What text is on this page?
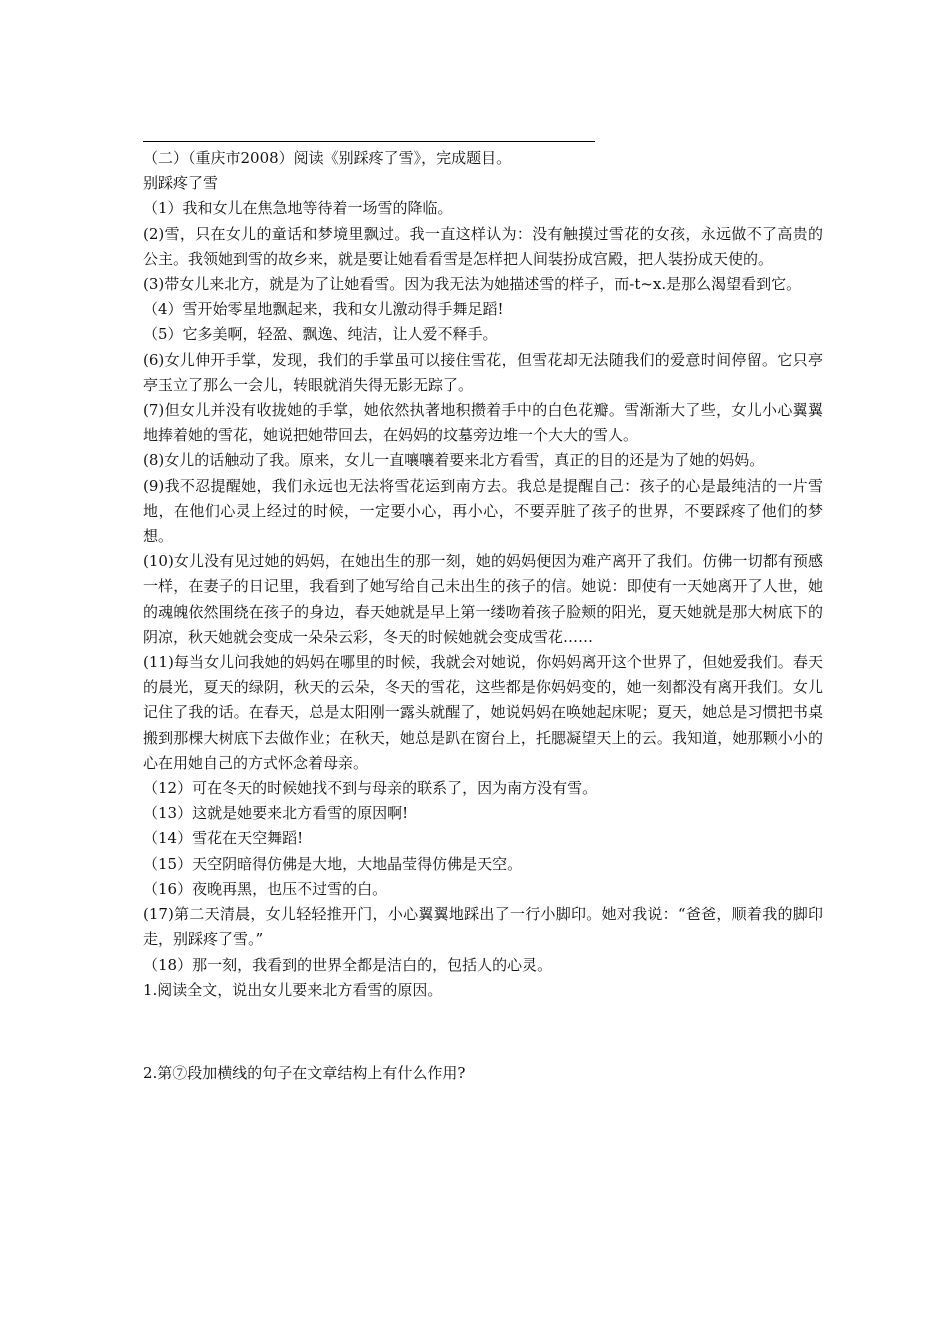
（二）（重庆市2008）阅读《别踩疼了雪》，完成题目。

别踩疼了雪

（1）我和女儿在焦急地等待着一场雪的降临。

(2)雪，只在女儿的童话和梦境里飘过。我一直这样认为：没有触摸过雪花的女孩，永远做不了高贵的公主。我领她到雪的故乡来，就是要让她看看雪是怎样把人间装扮成宫殿，把人装扮成天使的。

(3)带女儿来北方，就是为了让她看雪。因为我无法为她描述雪的样子，而-t~x.是那么渴望看到它。

（4）雪开始零星地飘起来，我和女儿激动得手舞足蹈!

（5）它多美啊，轻盈、飘逸、纯洁，让人爱不释手。

(6)女儿伸开手掌，发现，我们的手掌虽可以接住雪花，但雪花却无法随我们的爱意时间停留。它只亭亭玉立了那么一会儿，转眼就消失得无影无踪了。

(7)但女儿并没有收拢她的手掌，她依然执著地积攒着手中的白色花瓣。雪渐渐大了些，女儿小心翼翼地捧着她的雪花，她说把她带回去，在妈妈的坟墓旁边堆一个大大的雪人。

(8)女儿的话触动了我。原来，女儿一直嚷嚷着要来北方看雪，真正的目的还是为了她的妈妈。

(9)我不忍提醒她，我们永远也无法将雪花运到南方去。我总是提醒自己：孩子的心是最纯洁的一片雪地，在他们心灵上经过的时候，一定要小心，再小心，不要弄脏了孩子的世界，不要踩疼了他们的梦想。

(10)女儿没有见过她的妈妈，在她出生的那一刻，她的妈妈便因为难产离开了我们。仿佛一切都有预感一样，在妻子的日记里，我看到了她写给自己未出生的孩子的信。她说：即使有一天她离开了人世，她的魂魄依然围绕在孩子的身边，春天她就是早上第一缕吻着孩子脸颊的阳光，夏天她就是那大树底下的阴凉，秋天她就会变成一朵朵云彩，冬天的时候她就会变成雪花……

(11)每当女儿问我她的妈妈在哪里的时候，我就会对她说，你妈妈离开这个世界了，但她爱我们。春天的晨光，夏天的绿阴，秋天的云朵，冬天的雪花，这些都是你妈妈变的，她一刻都没有离开我们。女儿记住了我的话。在春天，总是太阳刚一露头就醒了，她说妈妈在唤她起床呢；夏天，她总是习惯把书桌搬到那棵大树底下去做作业；在秋天，她总是趴在窗台上，托腮凝望天上的云。我知道，她那颗小小的心在用她自己的方式怀念着母亲。

（12）可在冬天的时候她找不到与母亲的联系了，因为南方没有雪。

（13）这就是她要来北方看雪的原因啊!

（14）雪花在天空舞蹈!

（15）天空阴暗得仿佛是大地，大地晶莹得仿佛是天空。

（16）夜晚再黑，也压不过雪的白。

(17)第二天清晨，女儿轻轻推开门，小心翼翼地踩出了一行小脚印。她对我说：“爸爸，顺着我的脚印走，别踩疼了雪。”

（18）那一刻，我看到的世界全都是洁白的，包括人的心灵。

1.阅读全文，说出女儿要来北方看雪的原因。

2.第⑦段加横线的句子在文章结构上有什么作用?
